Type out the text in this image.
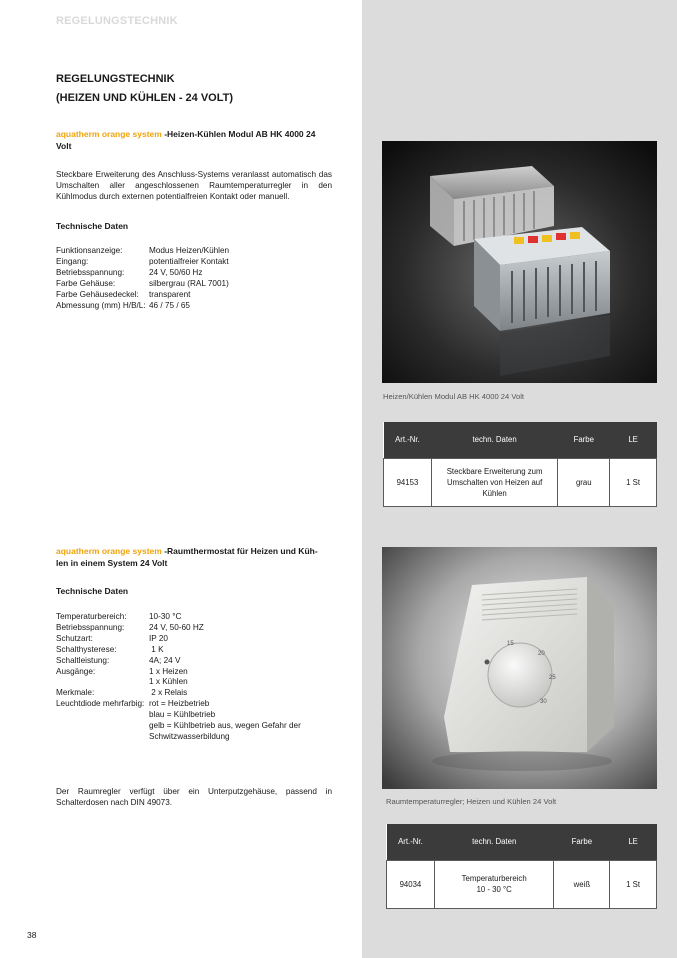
REGELUNGSTECHNIK
REGELUNGSTECHNIK
(HEIZEN UND KÜHLEN - 24 VOLT)
aquatherm orange system -Heizen-Kühlen Modul AB HK 4000 24
Volt
Steckbare Erweiterung des Anschluss-Systems veranlasst automatisch das Umschalten aller angeschlossenen Raumtemperaturregler in den Kühlmodus durch externen potentialfreien Kontakt oder manuell.
Technische Daten
Funktionsanzeige:	Modus Heizen/Kühlen
Eingang:	potentialfreier Kontakt
Betriebsspannung:	24 V, 50/60 Hz
Farbe Gehäuse:	silbergrau (RAL 7001)
Farbe Gehäusedeckel:	transparent
Abmessung (mm) H/B/L: 46 / 75 / 65
Heizen/Kühlen Modul AB HK 4000 24 Volt
Art.-Nr.	techn. Daten	Farbe	LE
94153	Steckbare Erweiterung zum
Umschalten von Heizen auf
Kühlen	grau	1 St
aquatherm orange system -Raumthermostat für Heizen und Küh-
len in einem System 24 Volt
Technische Daten
Temperaturbereich:	10-30 °C
Betriebsspannung:	24 V, 50-60 HZ
Schutzart:	IP 20
Schalthysterese:	1 K
Schaltleistung:	4A; 24 V
Ausgänge:	1 x Heizen
1 x Kühlen
Merkmale:	2 x Relais
Leuchtdiode mehrfarbig: rot = Heizbetrieb
blau = Kühlbetrieb
gelb = Kühlbetrieb aus, wegen Gefahr der
Schwitzwasserbildung
Der Raumregler verfügt über ein Unterputzgehäuse, passend in Schalterdosen nach DIN 49073.
15
20
25
30
Raumtemperaturregler; Heizen und Kühlen 24 Volt
Art.-Nr.	techn. Daten	Farbe	LE
94034	Temperaturbereich
10 - 30 °C	weiß	1 St
38
